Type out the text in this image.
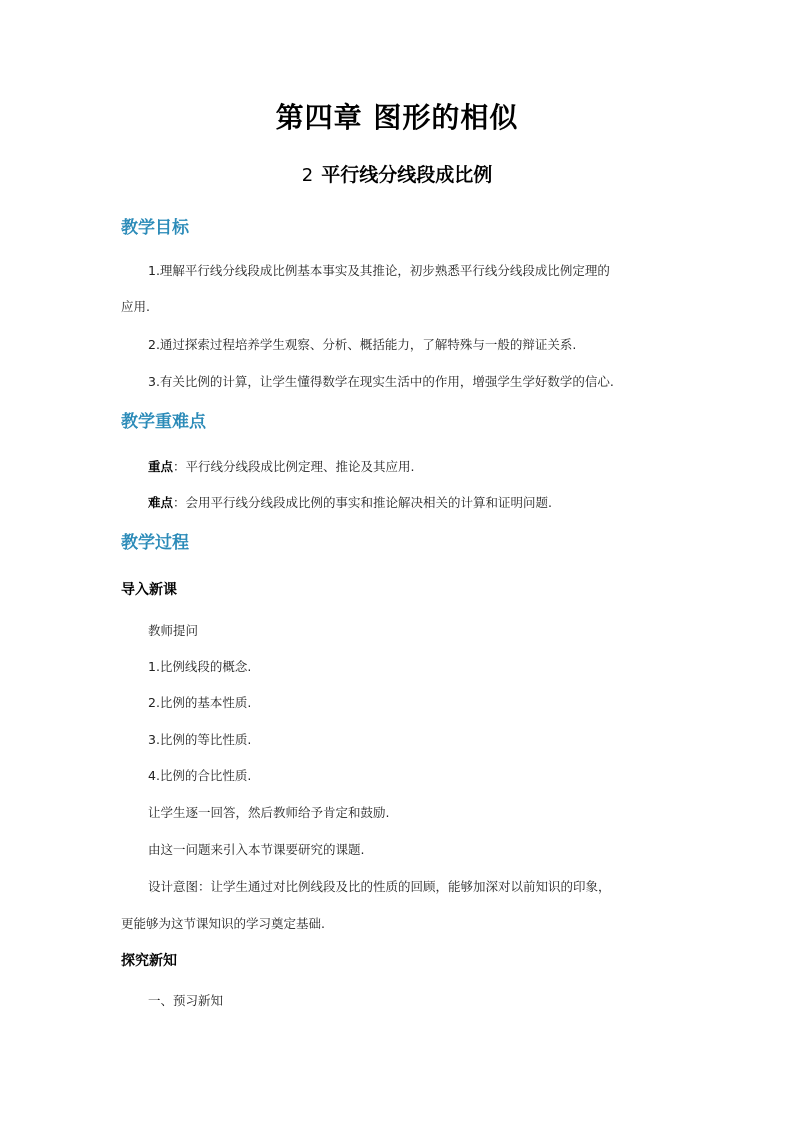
第四章 图形的相似
2 平行线分线段成比例
教学目标
1.理解平行线分线段成比例基本事实及其推论，初步熟悉平行线分线段成比例定理的
应用.
2.通过探索过程培养学生观察、分析、概括能力，了解特殊与一般的辩证关系.
3.有关比例的计算，让学生懂得数学在现实生活中的作用，增强学生学好数学的信心.
教学重难点
重点：平行线分线段成比例定理、推论及其应用.
难点：会用平行线分线段成比例的事实和推论解决相关的计算和证明问题.
教学过程
导入新课
教师提问
1.比例线段的概念.
2.比例的基本性质.
3.比例的等比性质.
4.比例的合比性质.
让学生逐一回答，然后教师给予肯定和鼓励.
由这一问题来引入本节课要研究的课题.
设计意图：让学生通过对比例线段及比的性质的回顾，能够加深对以前知识的印象，
更能够为这节课知识的学习奠定基础.
探究新知
一、预习新知
